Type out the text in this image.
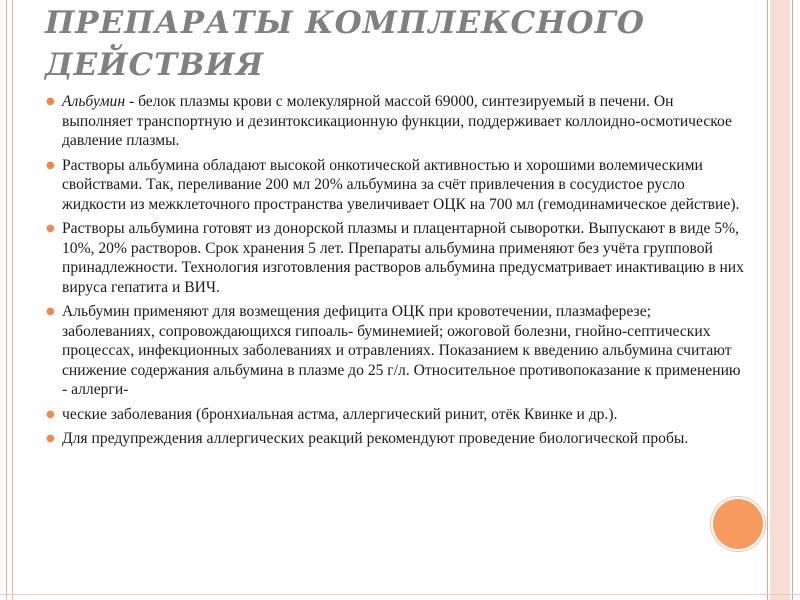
ПРЕПАРАТЫ КОМПЛЕКСНОГО
ДЕЙСТВИЯ
● Альбумин - белок плазмы крови с молекулярной массой 69000, синтезируемый в печени. Он выполняет транспортную и дезинтоксикационную функции, поддерживает коллоидно-осмотическое давление плазмы.
● Растворы альбумина обладают высокой онкотической активностью и хорошими волемическими свойствами. Так, переливание 200 мл 20% альбумина за счёт привлечения в сосудистое русло жидкости из межклеточного пространства увеличивает ОЦК на 700 мл (гемодинамическое действие).
● Растворы альбумина готовят из донорской плазмы и плацентарной сыворотки. Выпускают в виде 5%, 10%, 20% растворов. Срок хранения 5 лет. Препараты альбумина применяют без учёта групповой принадлежности. Технология изготовления растворов альбумина предусматривает инактивацию в них вируса гепатита и ВИЧ.
● Альбумин применяют для возмещения дефицита ОЦК при кровотечении, плазмаферезе; заболеваниях, сопровождающихся гипоаль- буминемией; ожоговой болезни, гнойно-септических процессах, инфекционных заболеваниях и отравлениях. Показанием к введению альбумина считают снижение содержания альбумина в плазме до 25 г/л. Относительное противопоказание к применению - аллерги-
● ческие заболевания (бронхиальная астма, аллергический ринит, отёк Квинке и др.).
● Для предупреждения аллергических реакций рекомендуют проведение биологической пробы.
